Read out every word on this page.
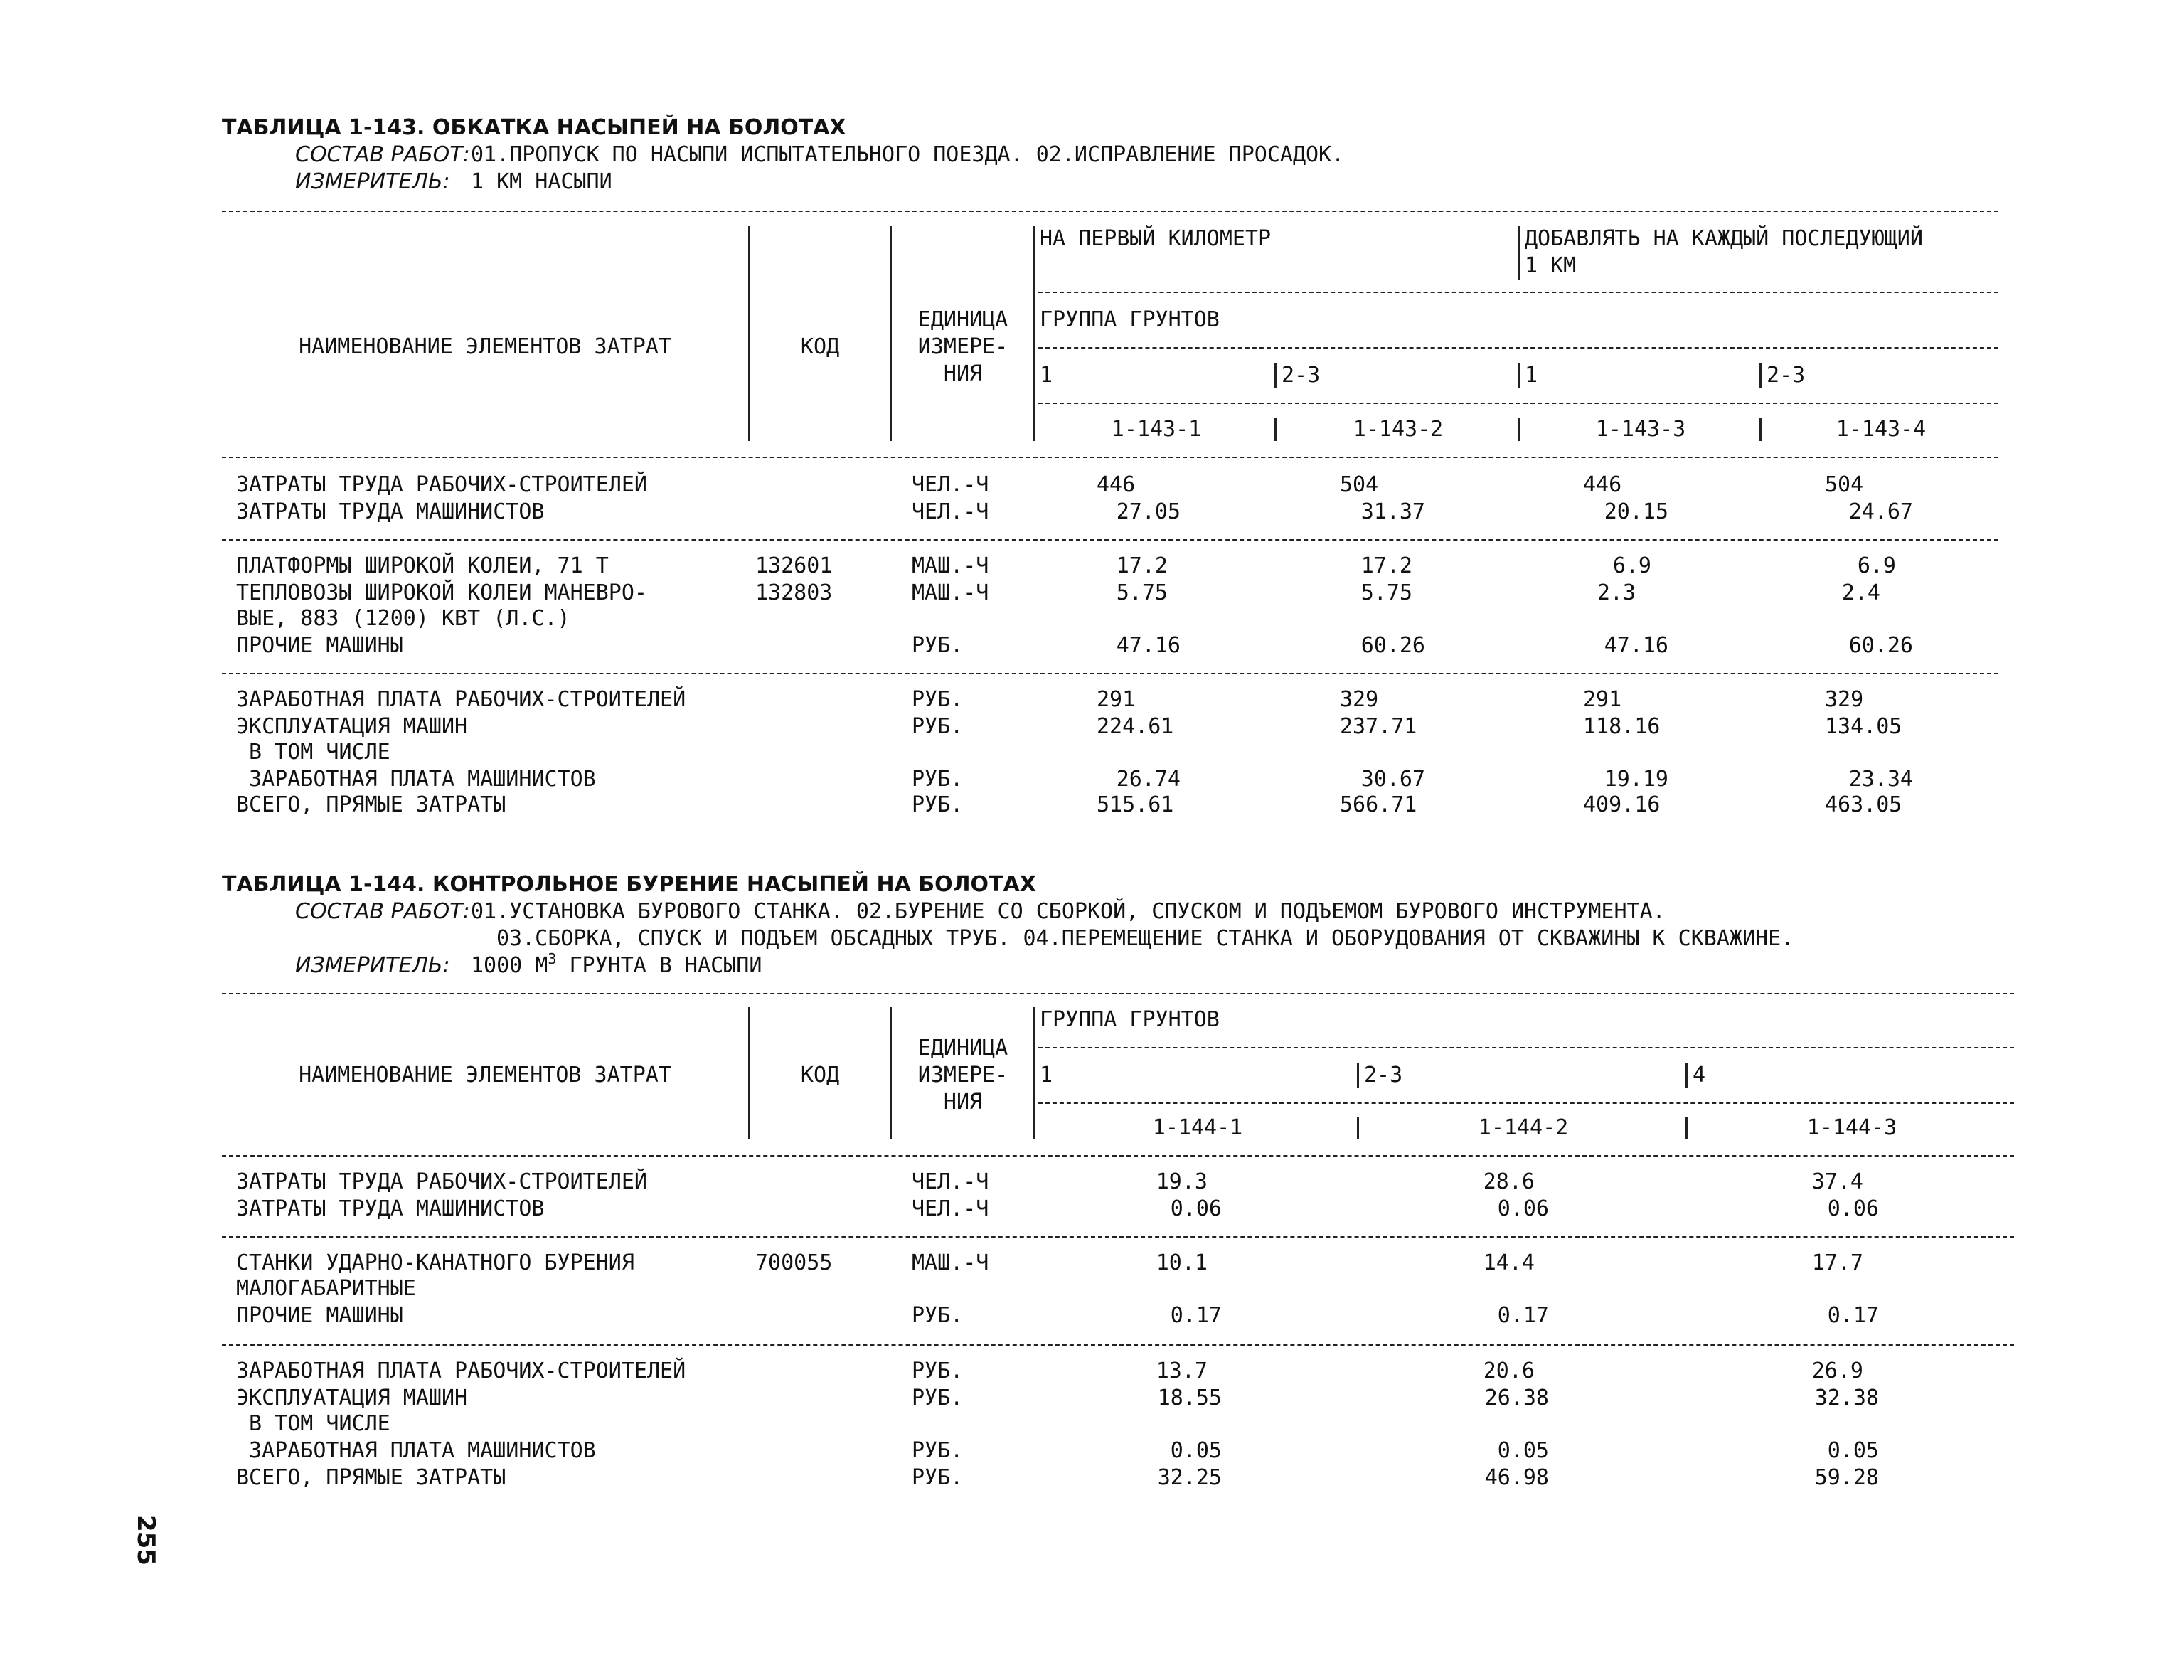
ТАБЛИЦА 1-143. ОБКАТКА НАСЫПЕЙ НА БОЛОТАХ
СОСТАВ РАБОТ: 01.ПРОПУСК ПО НАСЫПИ ИСПЫТАТЕЛЬНОГО ПОЕЗДА. 02.ИСПРАВЛЕНИЕ ПРОСАДОК.
ИЗМЕРИТЕЛЬ: 1 КМ НАСЫПИ
НА ПЕРВЫЙ КИЛОМЕТР	ДОБАВЛЯТЬ НА КАЖДЫЙ ПОСЛЕДУЮЩИЙ
1 КМ
ГРУППА ГРУНТОВ
НАИМЕНОВАНИЕ ЭЛЕМЕНТОВ ЗАТРАТ	КОД
ЕДИНИЦА
ИЗМЕРЕ-
НИЯ	1	2-3	1	2-3
1-143-1	1-143-2	1-143-3	1-143-4
ЗАТРАТЫ ТРУДА РАБОЧИХ-СТРОИТЕЛЕЙ	ЧЕЛ.-Ч	446	504	446	504
ЗАТРАТЫ ТРУДА МАШИНИСТОВ	ЧЕЛ.-Ч	27.05	31.37	20.15	24.67
ПЛАТФОРМЫ ШИРОКОЙ КОЛЕИ, 71 Т	132601	МАШ.-Ч	17.2	17.2	6.9	6.9
ТЕПЛОВОЗЫ ШИРОКОЙ КОЛЕИ МАНЕВРО-	132803	МАШ.-Ч	5.75	5.75	2.3	2.4
ВЫЕ, 883 (1200) КВТ (Л.С.)
ПРОЧИЕ МАШИНЫ	РУБ.	47.16	60.26	47.16	60.26
ЗАРАБОТНАЯ ПЛАТА РАБОЧИХ-СТРОИТЕЛЕЙ	РУБ.	291	329	291	329
ЭКСПЛУАТАЦИЯ МАШИН	РУБ.	224.61	237.71	118.16	134.05
В ТОМ ЧИСЛЕ
ЗАРАБОТНАЯ ПЛАТА МАШИНИСТОВ	РУБ.	26.74	30.67	19.19	23.34
ВСЕГО, ПРЯМЫЕ ЗАТРАТЫ	РУБ.	515.61	566.71	409.16	463.05
ТАБЛИЦА 1-144. КОНТРОЛЬНОЕ БУРЕНИЕ НАСЫПЕЙ НА БОЛОТАХ
СОСТАВ РАБОТ: 01.УСТАНОВКА БУРОВОГО СТАНКА. 02.БУРЕНИЕ СО СБОРКОЙ, СПУСКОМ И ПОДЪЕМОМ БУРОВОГО ИНСТРУМЕНТА.
03.СБОРКА, СПУСК И ПОДЪЕМ ОБСАДНЫХ ТРУБ. 04.ПЕРЕМЕЩЕНИЕ СТАНКА И ОБОРУДОВАНИЯ ОТ СКВАЖИНЫ К СКВАЖИНЕ.
ИЗМЕРИТЕЛЬ: 1000 $М^3$ ГРУНТА В НАСЫПИ
ГРУППА ГРУНТОВ
НАИМЕНОВАНИЕ ЭЛЕМЕНТОВ ЗАТРАТ	КОД
ЕДИНИЦА
ИЗМЕРЕ-
НИЯ
1	2-3	4
1-144-1	1-144-2	1-144-3
ЗАТРАТЫ ТРУДА РАБОЧИХ-СТРОИТЕЛЕЙ	ЧЕЛ.-Ч	19.3	28.6	37.4
ЗАТРАТЫ ТРУДА МАШИНИСТОВ	ЧЕЛ.-Ч	0.06	0.06	0.06
СТАНКИ УДАРНО-КАНАТНОГО БУРЕНИЯ	700055	МАШ.-Ч	10.1	14.4	17.7
МАЛОГАБАРИТНЫЕ
ПРОЧИЕ МАШИНЫ	РУБ.	0.17	0.17	0.17
ЗАРАБОТНАЯ ПЛАТА РАБОЧИХ-СТРОИТЕЛЕЙ	РУБ.	13.7	20.6	26.9
ЭКСПЛУАТАЦИЯ МАШИН	РУБ.	18.55	26.38	32.38
В ТОМ ЧИСЛЕ
ЗАРАБОТНАЯ ПЛАТА МАШИНИСТОВ	РУБ.	0.05	0.05	0.05
ВСЕГО, ПРЯМЫЕ ЗАТРАТЫ	РУБ.	32.25	46.98	59.28
255
